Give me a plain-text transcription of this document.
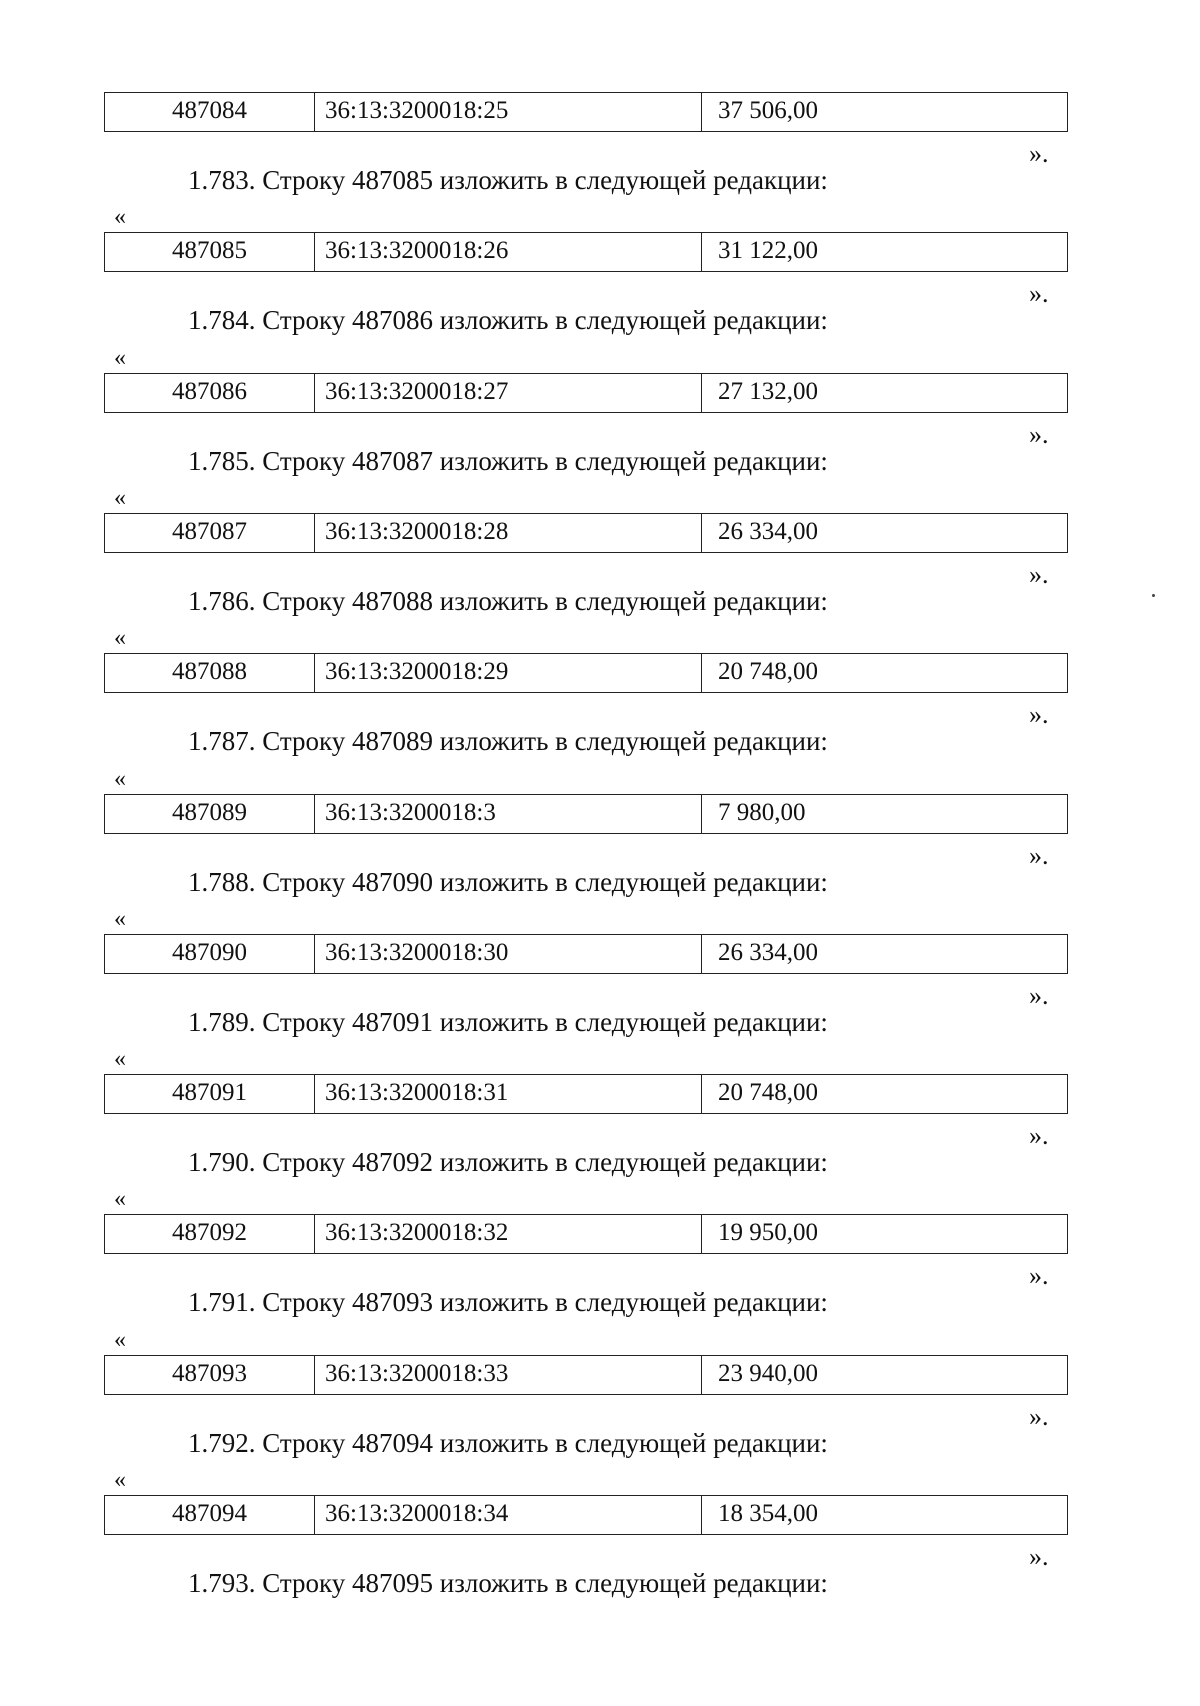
487084	36:13:3200018:25	37 506,00
».
1.783. Строку 487085 изложить в следующей редакции:
«
487085	36:13:3200018:26	31 122,00
».
1.784. Строку 487086 изложить в следующей редакции:
«
487086	36:13:3200018:27	27 132,00
».
1.785. Строку 487087 изложить в следующей редакции:
«
487087	36:13:3200018:28	26 334,00
».
1.786. Строку 487088 изложить в следующей редакции:
«
487088	36:13:3200018:29	20 748,00
».
1.787. Строку 487089 изложить в следующей редакции:
«
487089	36:13:3200018:3	7 980,00
».
1.788. Строку 487090 изложить в следующей редакции:
«
487090	36:13:3200018:30	26 334,00
».
1.789. Строку 487091 изложить в следующей редакции:
«
487091	36:13:3200018:31	20 748,00
».
1.790. Строку 487092 изложить в следующей редакции:
«
487092	36:13:3200018:32	19 950,00
».
1.791. Строку 487093 изложить в следующей редакции:
«
487093	36:13:3200018:33	23 940,00
».
1.792. Строку 487094 изложить в следующей редакции:
«
487094	36:13:3200018:34	18 354,00
».
1.793. Строку 487095 изложить в следующей редакции:
